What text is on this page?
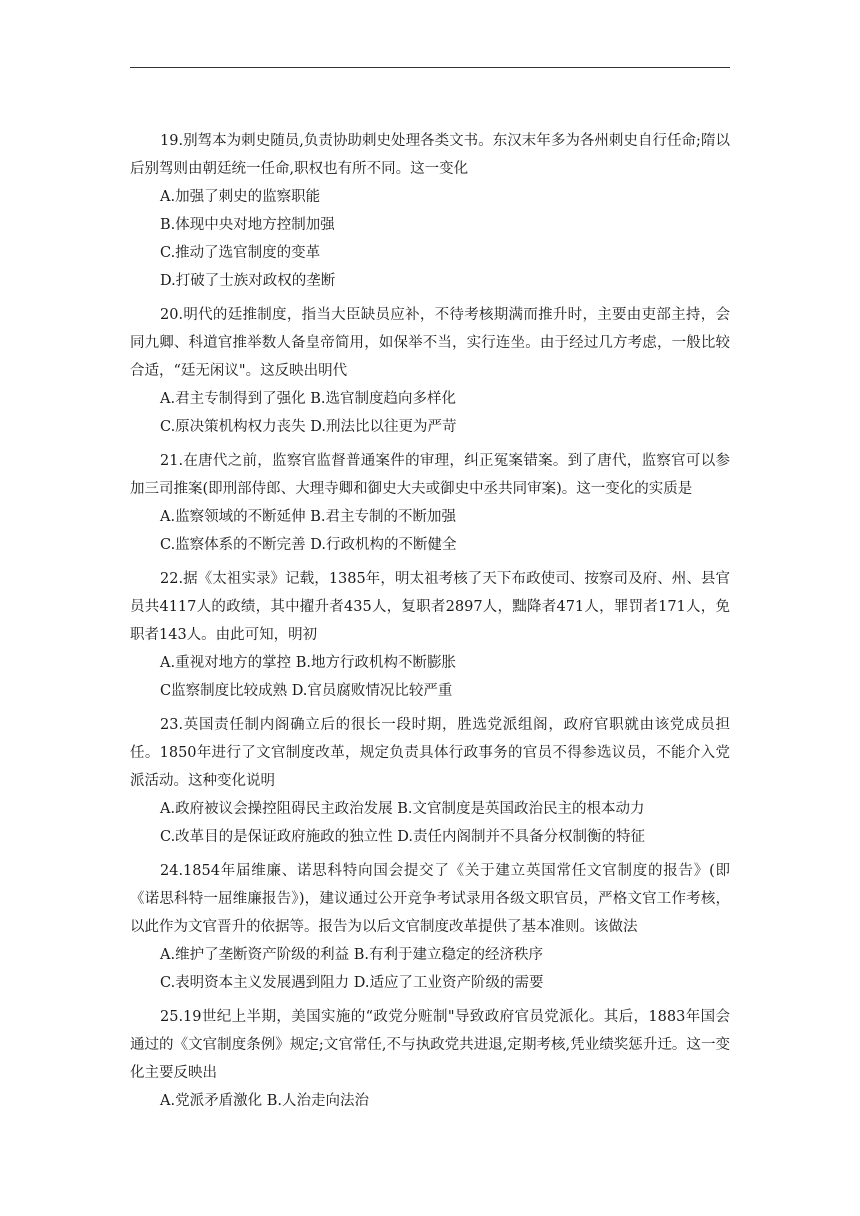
19.别驾本为刺史随员,负责协助刺史处理各类文书。东汉末年多为各州刺史自行任命;隋以后别驾则由朝廷统一任命,职权也有所不同。这一变化

A.加强了刺史的监察职能

B.体现中央对地方控制加强

C.推动了选官制度的变革

D.打破了士族对政权的垄断

20.明代的廷推制度，指当大臣缺员应补，不待考核期满而推升时，主要由吏部主持，会同九卿、科道官推举数人备皇帝简用，如保举不当，实行连坐。由于经过几方考虑，一般比较合适，“廷无闲议"。这反映出明代

A.君主专制得到了强化 B.选官制度趋向多样化

C.原决策机构权力丧失 D.刑法比以往更为严苛

21.在唐代之前，监察官监督普通案件的审理，纠正冤案错案。到了唐代，监察官可以参加三司推案(即刑部侍郎、大理寺卿和御史大夫或御史中丞共同审案)。这一变化的实质是

A.监察领域的不断延伸 B.君主专制的不断加强

C.监察体系的不断完善 D.行政机构的不断健全

22.据《太祖实录》记载，1385年，明太祖考核了天下布政使司、按察司及府、州、县官员共4117人的政绩，其中擢升者435人，复职者2897人，黜降者471人，罪罚者171人，免职者143人。由此可知，明初

A.重视对地方的掌控 B.地方行政机构不断膨胀

C监察制度比较成熟 D.官员腐败情况比较严重

23.英国责任制内阁确立后的很长一段时期，胜选党派组阁，政府官职就由该党成员担任。1850年进行了文官制度改革，规定负责具体行政事务的官员不得参选议员，不能介入党派活动。这种变化说明

A.政府被议会操控阻碍民主政治发展 B.文官制度是英国政治民主的根本动力

C.改革目的是保证政府施政的独立性 D.责任内阁制并不具备分权制衡的特征

24.1854年届维廉、诺思科特向国会提交了《关于建立英国常任文官制度的报告》(即《诺思科特一屈维廉报告》)，建议通过公开竞争考试录用各级文职官员，严格文官工作考核，以此作为文官晋升的依据等。报告为以后文官制度改革提供了基本准则。该做法

A.维护了垄断资产阶级的利益 B.有利于建立稳定的经济秩序

C.表明资本主义发展遇到阻力 D.适应了工业资产阶级的需要

25.19世纪上半期，美国实施的“政党分赃制"导致政府官员党派化。其后，1883年国会通过的《文官制度条例》规定;文官常任,不与执政党共进退,定期考核,凭业绩奖惩升迁。这一变化主要反映出

A.党派矛盾激化 B.人治走向法治
